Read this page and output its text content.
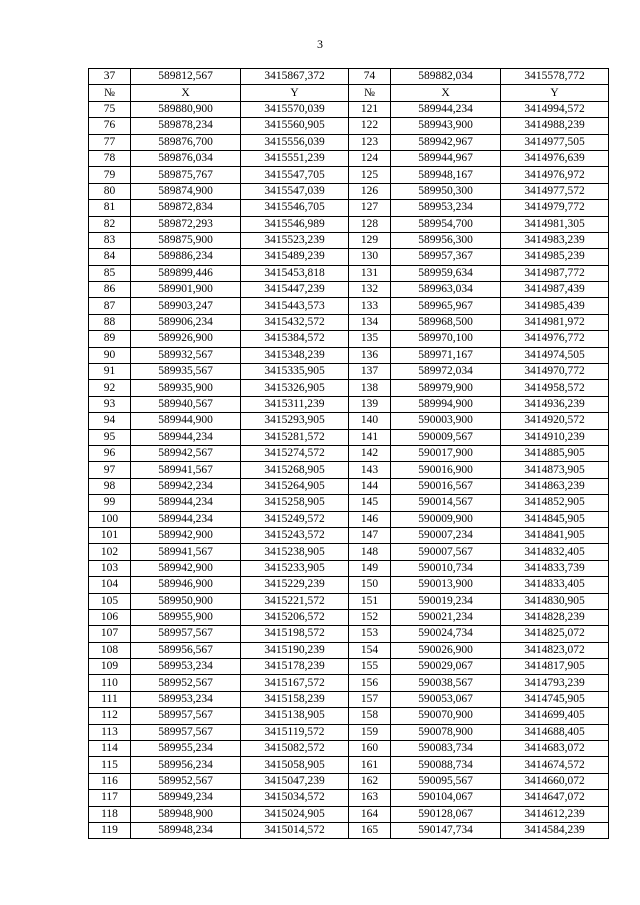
3
37	589812,567	3415867,372	74	589882,034	3415578,772
№	X	Y	№	X	Y
75	589880,900	3415570,039	121	589944,234	3414994,572
76	589878,234	3415560,905	122	589943,900	3414988,239
77	589876,700	3415556,039	123	589942,967	3414977,505
78	589876,034	3415551,239	124	589944,967	3414976,639
79	589875,767	3415547,705	125	589948,167	3414976,972
80	589874,900	3415547,039	126	589950,300	3414977,572
81	589872,834	3415546,705	127	589953,234	3414979,772
82	589872,293	3415546,989	128	589954,700	3414981,305
83	589875,900	3415523,239	129	589956,300	3414983,239
84	589886,234	3415489,239	130	589957,367	3414985,239
85	589899,446	3415453,818	131	589959,634	3414987,772
86	589901,900	3415447,239	132	589963,034	3414987,439
87	589903,247	3415443,573	133	589965,967	3414985,439
88	589906,234	3415432,572	134	589968,500	3414981,972
89	589926,900	3415384,572	135	589970,100	3414976,772
90	589932,567	3415348,239	136	589971,167	3414974,505
91	589935,567	3415335,905	137	589972,034	3414970,772
92	589935,900	3415326,905	138	589979,900	3414958,572
93	589940,567	3415311,239	139	589994,900	3414936,239
94	589944,900	3415293,905	140	590003,900	3414920,572
95	589944,234	3415281,572	141	590009,567	3414910,239
96	589942,567	3415274,572	142	590017,900	3414885,905
97	589941,567	3415268,905	143	590016,900	3414873,905
98	589942,234	3415264,905	144	590016,567	3414863,239
99	589944,234	3415258,905	145	590014,567	3414852,905
100	589944,234	3415249,572	146	590009,900	3414845,905
101	589942,900	3415243,572	147	590007,234	3414841,905
102	589941,567	3415238,905	148	590007,567	3414832,405
103	589942,900	3415233,905	149	590010,734	3414833,739
104	589946,900	3415229,239	150	590013,900	3414833,405
105	589950,900	3415221,572	151	590019,234	3414830,905
106	589955,900	3415206,572	152	590021,234	3414828,239
107	589957,567	3415198,572	153	590024,734	3414825,072
108	589956,567	3415190,239	154	590026,900	3414823,072
109	589953,234	3415178,239	155	590029,067	3414817,905
110	589952,567	3415167,572	156	590038,567	3414793,239
111	589953,234	3415158,239	157	590053,067	3414745,905
112	589957,567	3415138,905	158	590070,900	3414699,405
113	589957,567	3415119,572	159	590078,900	3414688,405
114	589955,234	3415082,572	160	590083,734	3414683,072
115	589956,234	3415058,905	161	590088,734	3414674,572
116	589952,567	3415047,239	162	590095,567	3414660,072
117	589949,234	3415034,572	163	590104,067	3414647,072
118	589948,900	3415024,905	164	590128,067	3414612,239
119	589948,234	3415014,572	165	590147,734	3414584,239
